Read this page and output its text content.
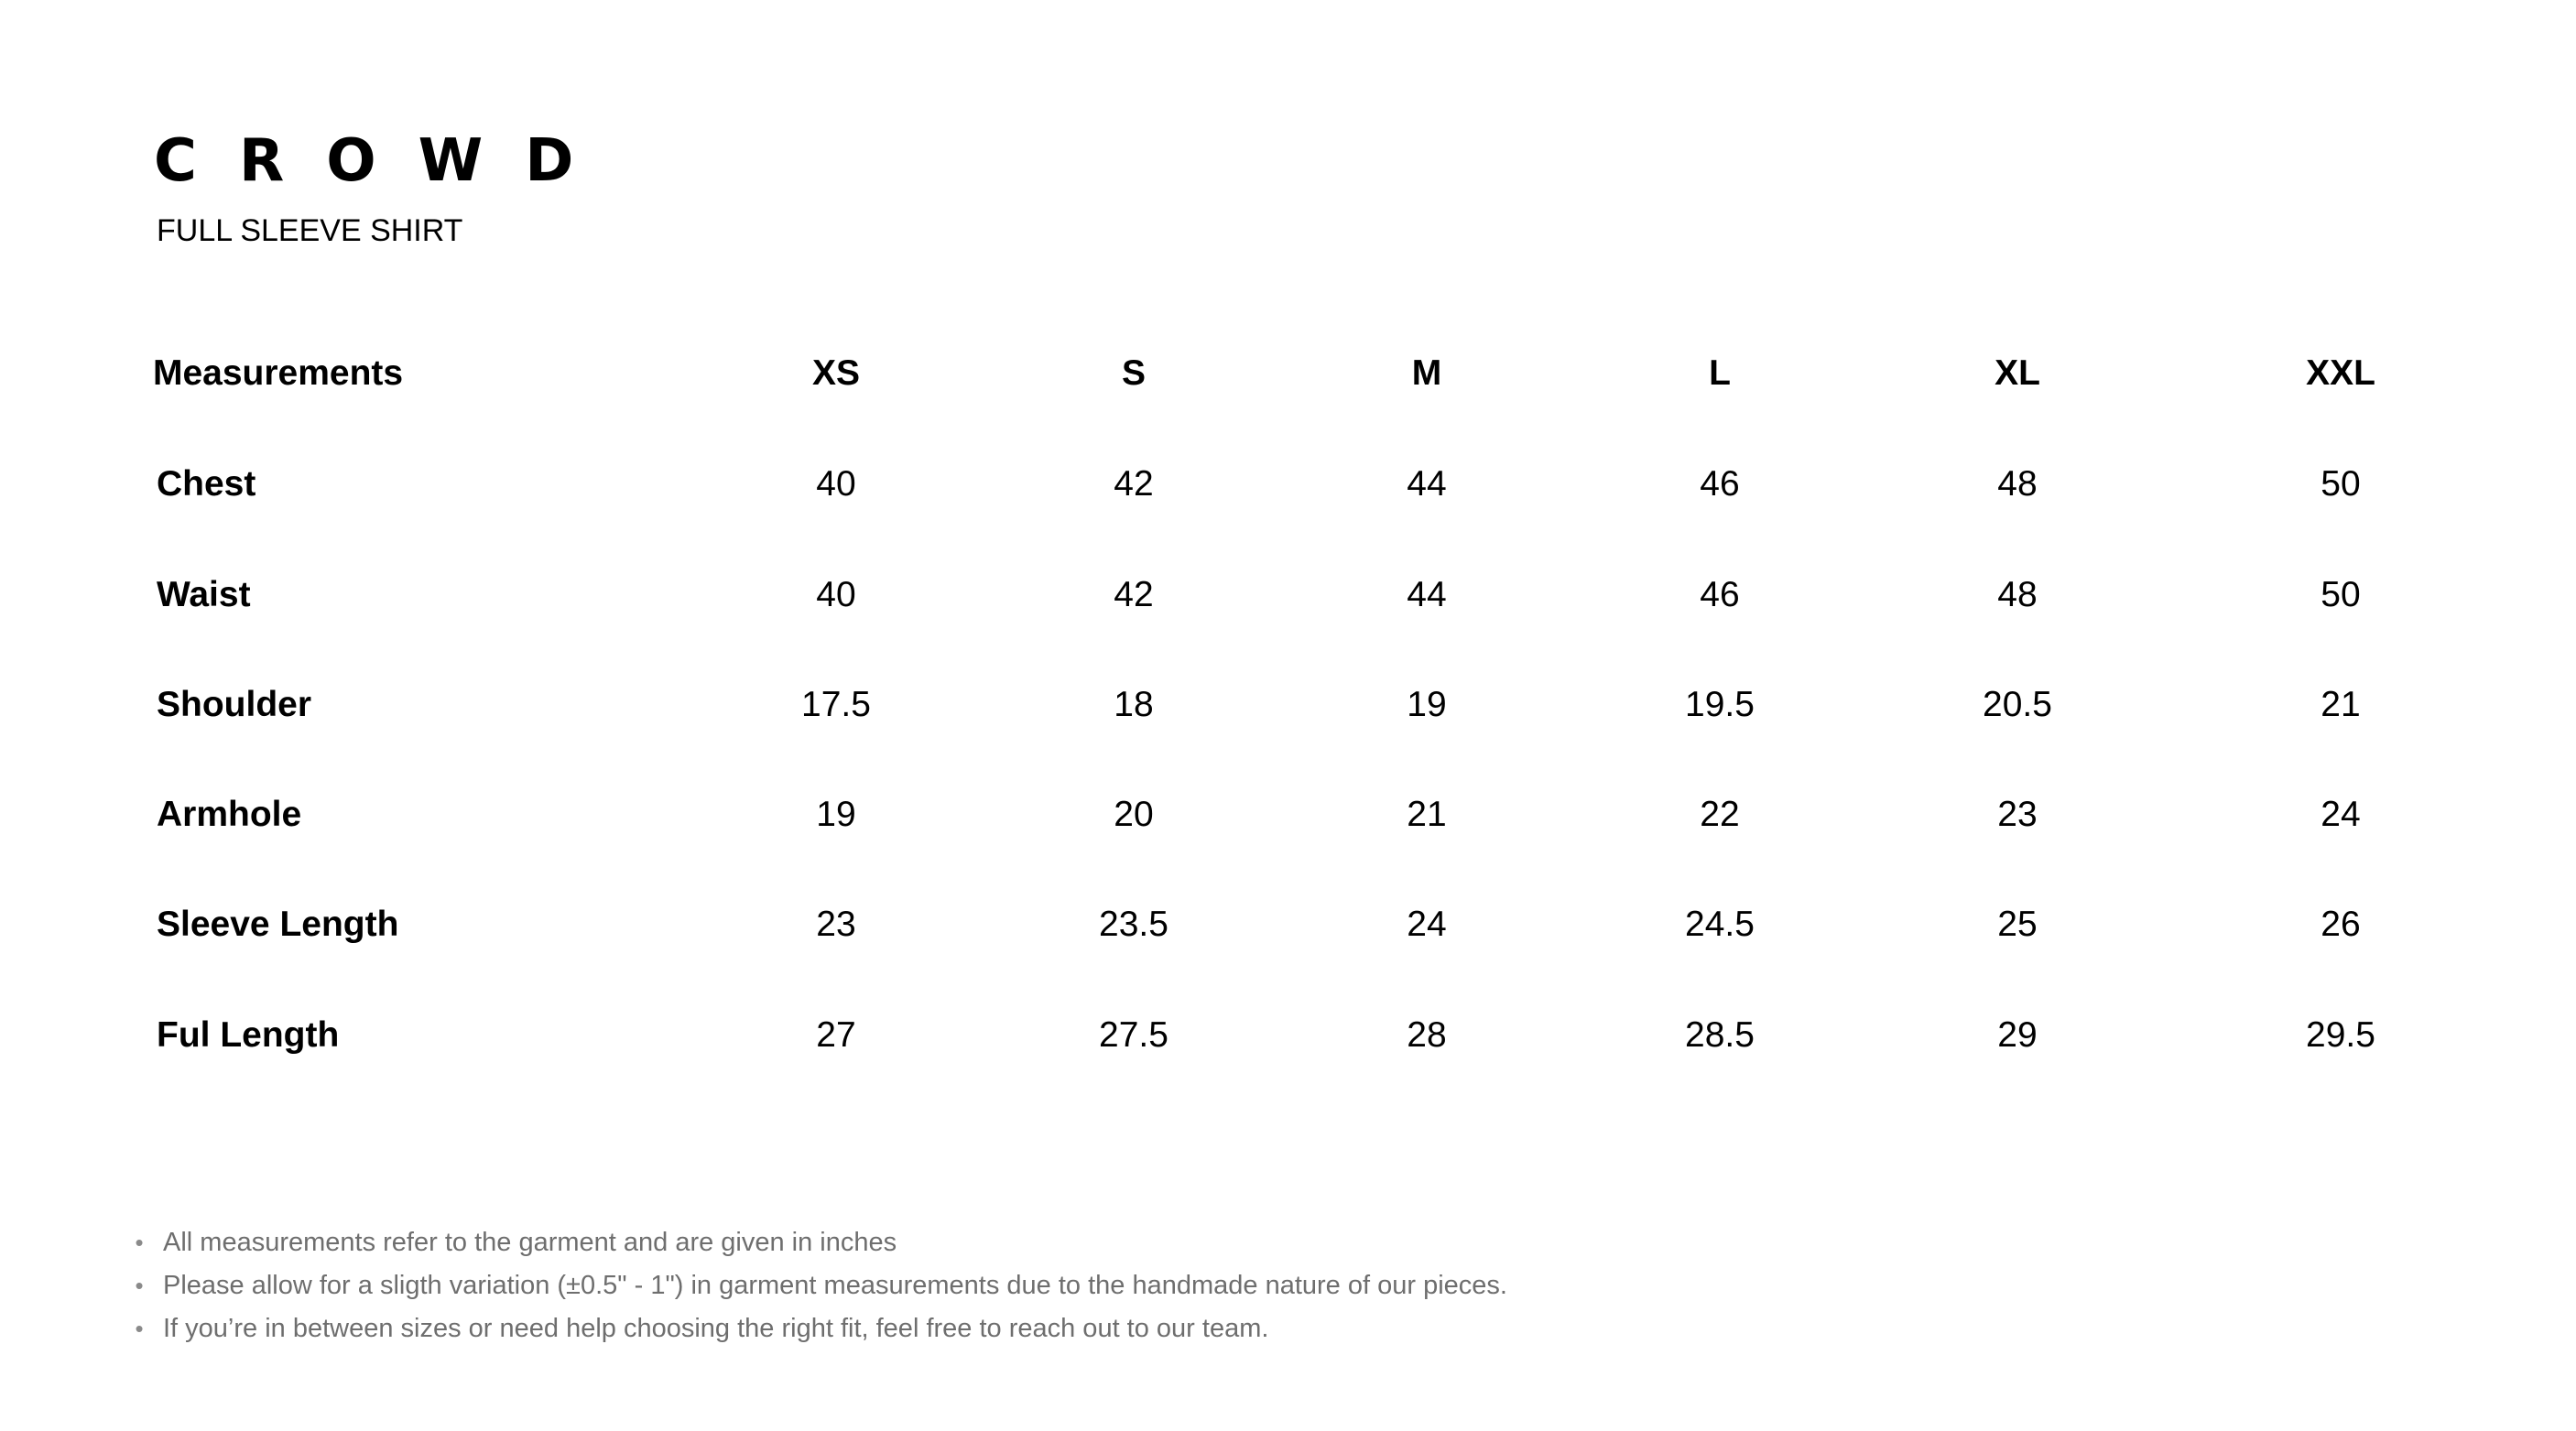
CROWD

FULL SLEEVE SHIRT

Measurements	XS	S	M	L	XL	XXL
Chest	40	42	44	46	48	50
Waist	40	42	44	46	48	50
Shoulder	17.5	18	19	19.5	20.5	21
Armhole	19	20	21	22	23	24
Sleeve Length	23	23.5	24	24.5	25	26
Ful Length	27	27.5	28	28.5	29	29.5
• All measurements refer to the garment and are given in inches
• Please allow for a sligth variation (±0.5" - 1") in garment measurements due to the handmade nature of our pieces.
• If you’re in between sizes or need help choosing the right fit, feel free to reach out to our team.
